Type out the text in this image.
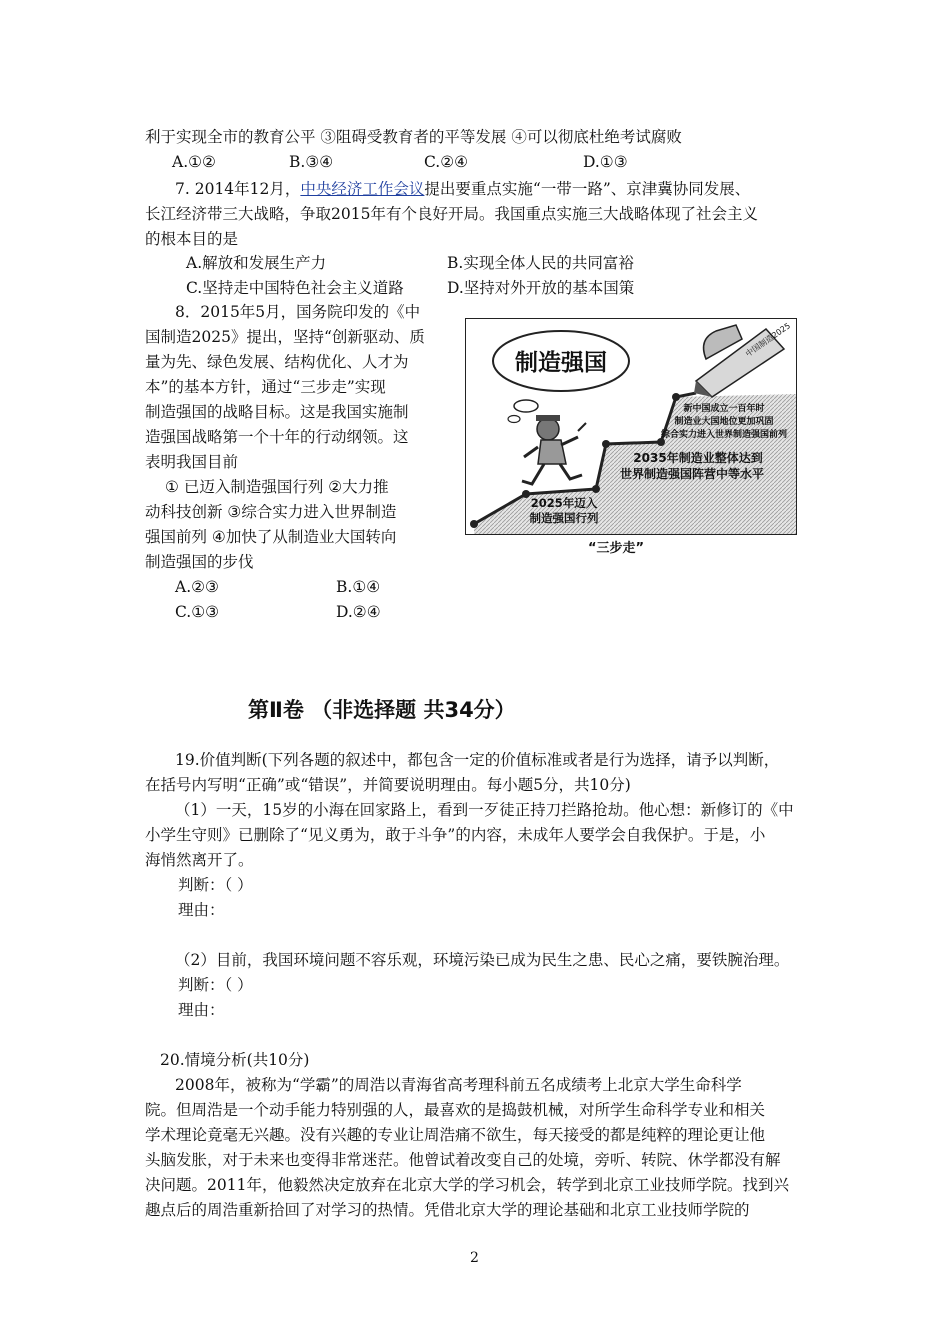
利于实现全市的教育公平 ③阻碍受教育者的平等发展 ④可以彻底杜绝考试腐败
A.①②	B.③④	C.②④	D.①③
7. 2014年12月，中央经济工作会议提出要重点实施“一带一路”、京津冀协同发展、
长江经济带三大战略，争取2015年有个良好开局。我国重点实施三大战略体现了社会主义
的根本目的是
A.解放和发展生产力	B.实现全体人民的共同富裕
C.坚持走中国特色社会主义道路	D.坚持对外开放的基本国策
8．2015年5月，国务院印发的《中
国制造2025》提出，坚持“创新驱动、质
量为先、绿色发展、结构优化、人才为
本”的基本方针，通过“三步走”实现
制造强国的战略目标。这是我国实施制
造强国战略第一个十年的行动纲领。这
表明我国目前
① 已迈入制造强国行列 ②大力推
动科技创新 ③综合实力进入世界制造
强国前列 ④加快了从制造业大国转向
制造强国的步伐
A.②③	B.①④
C.①③	D.②④
制造强国
中国制造2025
2025年迈入
制造强国行列
2035年制造业整体达到
世界制造强国阵营中等水平
新中国成立一百年时
制造业大国地位更加巩固
综合实力进入世界制造强国前列
“三步走”
第Ⅱ卷 （非选择题 共34分）
19.价值判断(下列各题的叙述中，都包含一定的价值标准或者是行为选择，请予以判断，
在括号内写明“正确”或“错误”，并简要说明理由。每小题5分，共10分)
（1）一天，15岁的小海在回家路上，看到一歹徒正持刀拦路抢劫。他心想：新修订的《中
小学生守则》已删除了“见义勇为，敢于斗争”的内容，未成年人要学会自我保护。于是，小
海悄然离开了。
判断：（ ）
理由：
（2）目前，我国环境问题不容乐观，环境污染已成为民生之患、民心之痛，要铁腕治理。
判断：（ ）
理由：
20.情境分析(共10分)
2008年，被称为“学霸”的周浩以青海省高考理科前五名成绩考上北京大学生命科学
院。但周浩是一个动手能力特别强的人，最喜欢的是捣鼓机械，对所学生命科学专业和相关
学术理论竟毫无兴趣。没有兴趣的专业让周浩痛不欲生，每天接受的都是纯粹的理论更让他
头脑发胀，对于未来也变得非常迷茫。他曾试着改变自己的处境，旁听、转院、休学都没有解
决问题。2011年，他毅然决定放弃在北京大学的学习机会，转学到北京工业技师学院。找到兴
趣点后的周浩重新拾回了对学习的热情。凭借北京大学的理论基础和北京工业技师学院的
2
